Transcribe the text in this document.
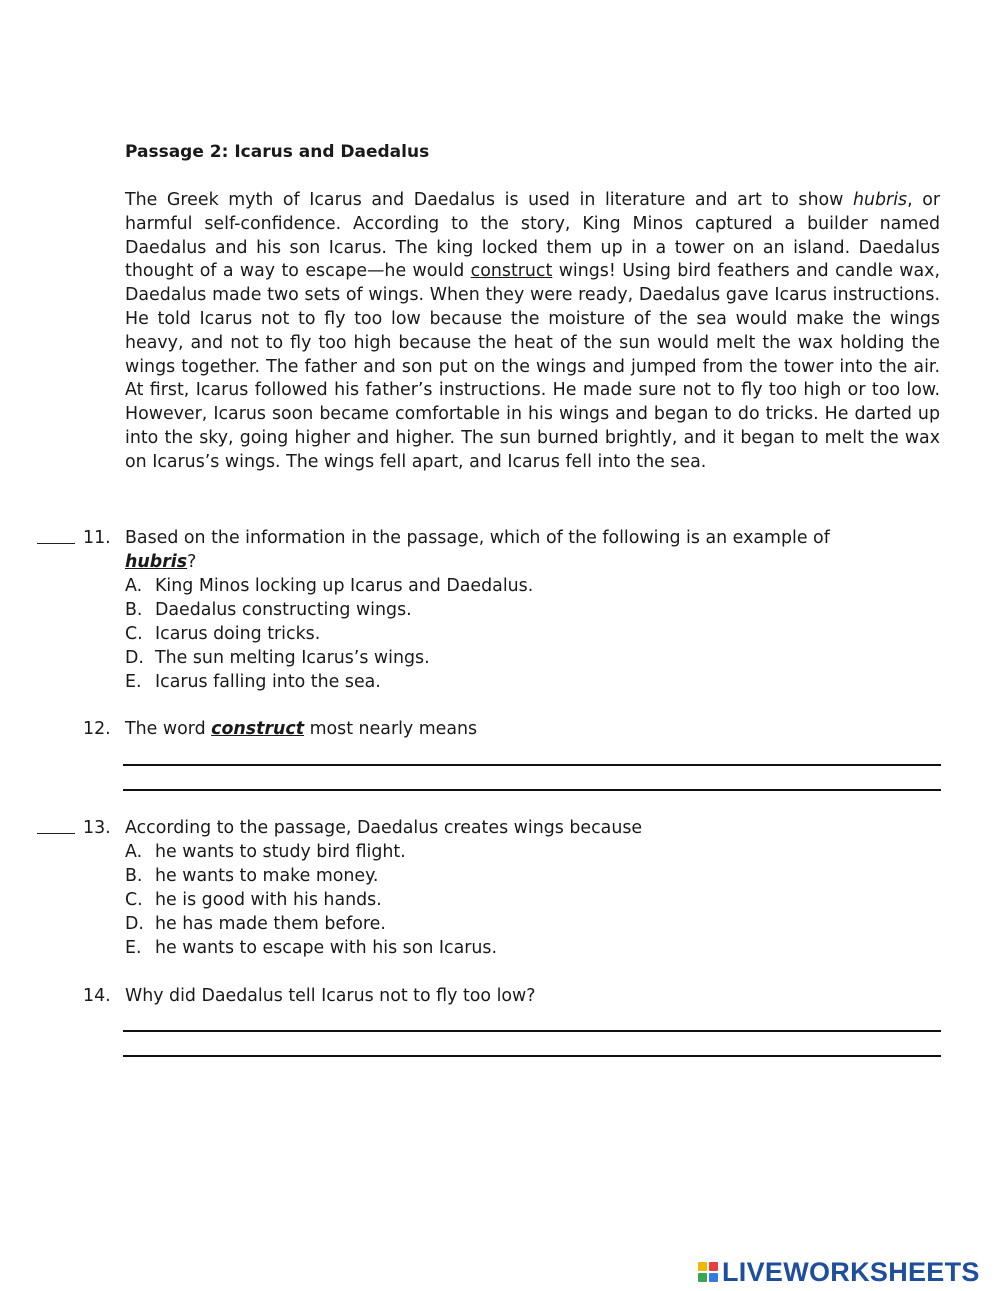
Passage 2: Icarus and Daedalus

The Greek myth of Icarus and Daedalus is used in literature and art to show hubris, or harmful self-confidence. According to the story, King Minos captured a builder named Daedalus and his son Icarus. The king locked them up in a tower on an island. Daedalus thought of a way to escape—he would construct wings! Using bird feathers and candle wax, Daedalus made two sets of wings. When they were ready, Daedalus gave Icarus instructions. He told Icarus not to fly too low because the moisture of the sea would make the wings heavy, and not to fly too high because the heat of the sun would melt the wax holding the wings together. The father and son put on the wings and jumped from the tower into the air. At first, Icarus followed his father’s instructions. He made sure not to fly too high or too low. However, Icarus soon became comfortable in his wings and began to do tricks. He darted up into the sky, going higher and higher. The sun burned brightly, and it began to melt the wax on Icarus’s wings. The wings fell apart, and Icarus fell into the sea.

11. Based on the information in the passage, which of the following is an example of
hubris?
A. King Minos locking up Icarus and Daedalus.
B. Daedalus constructing wings.
C. Icarus doing tricks.
D. The sun melting Icarus’s wings.
E. Icarus falling into the sea.
12. The word construct most nearly means
13. According to the passage, Daedalus creates wings because
A. he wants to study bird flight.
B. he wants to make money.
C. he is good with his hands.
D. he has made them before.
E. he wants to escape with his son Icarus.
14. Why did Daedalus tell Icarus not to fly too low?
LIVEWORKSHEETS
